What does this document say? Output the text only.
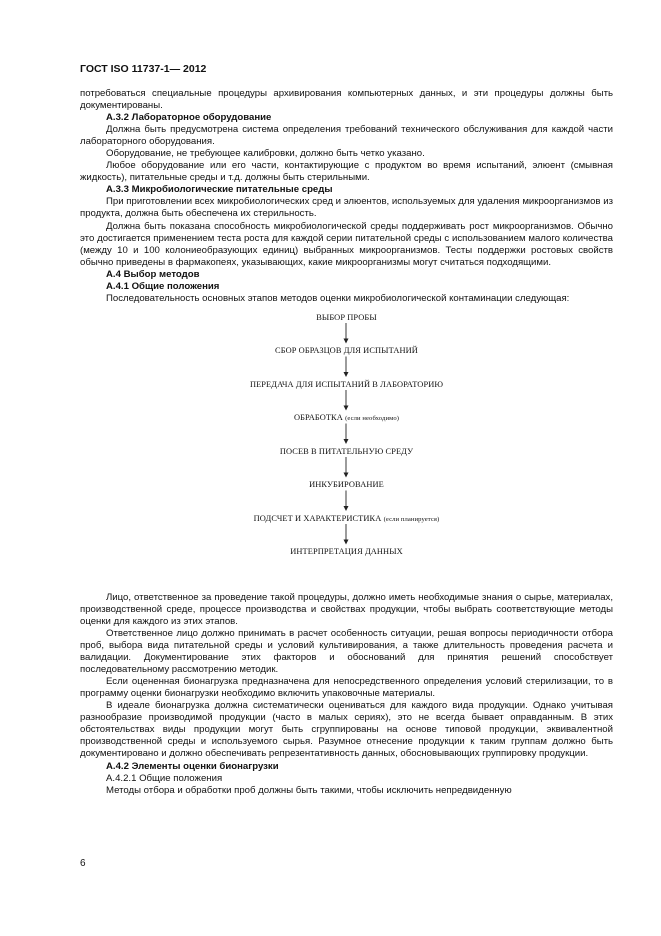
ГОСТ ISO 11737-1— 2012

потребоваться специальные процедуры архивирования компьютерных данных, и эти процедуры должны быть документированы.

А.3.2 Лабораторное оборудование

Должна быть предусмотрена система определения требований технического обслуживания для каждой части лабораторного оборудования.

Оборудование, не требующее калибровки, должно быть четко указано.

Любое оборудование или его части, контактирующие с продуктом во время испытаний, элюент (смывная жидкость), питательные среды и т.д. должны быть стерильными.

А.3.3 Микробиологические питательные среды

При приготовлении всех микробиологических сред и элюентов, используемых для удаления микроорганизмов из продукта, должна быть обеспечена их стерильность.

Должна быть показана способность микробиологической среды поддерживать рост микроорганизмов. Обычно это достигается применением теста роста для каждой серии питательной среды с использованием малого количества (между 10 и 100 колониеобразующих единиц) выбранных микроорганизмов. Тесты поддержки ростовых свойств обычно приведены в фармакопеях, указывающих, какие микроорганизмы могут считаться подходящими.

А.4 Выбор методов

А.4.1 Общие положения

Последовательность основных этапов методов оценки микробиологической контаминации следующая:

ВЫБОР ПРОБЫ
СБОР ОБРАЗЦОВ ДЛЯ ИСПЫТАНИЙ
ПЕРЕДАЧА ДЛЯ ИСПЫТАНИЙ В ЛАБОРАТОРИЮ
ОБРАБОТКА (если необходимо)
ПОСЕВ В ПИТАТЕЛЬНУЮ СРЕДУ
ИНКУБИРОВАНИЕ
ПОДСЧЕТ И ХАРАКТЕРИСТИКА (если планируется)
ИНТЕРПРЕТАЦИЯ ДАННЫХ

Лицо, ответственное за проведение такой процедуры, должно иметь необходимые знания о сырье, материалах, производственной среде, процессе производства и свойствах продукции, чтобы выбрать соответствующие методы оценки для каждого из этих этапов.

Ответственное лицо должно принимать в расчет особенность ситуации, решая вопросы периодичности отбора проб, выбора вида питательной среды и условий культивирования, а также длительность проведения расчета и валидации. Документирование этих факторов и обоснований для принятия решений способствует последовательному рассмотрению методик.

Если оцененная бионагрузка предназначена для непосредственного определения условий стерилизации, то в программу оценки бионагрузки необходимо включить упаковочные материалы.

В идеале бионагрузка должна систематически оцениваться для каждого вида продукции. Однако учитывая разнообразие производимой продукции (часто в малых сериях), это не всегда бывает оправданным. В этих обстоятельствах виды продукции могут быть сгруппированы на основе типовой продукции, эквивалентной производственной среды и используемого сырья. Разумное отнесение продукции к таким группам должно быть документировано и должно обеспечивать репрезентативность данных, обосновывающих группировку продукции.

А.4.2 Элементы оценки бионагрузки

А.4.2.1 Общие положения

Методы отбора и обработки проб должны быть такими, чтобы исключить непредвиденную

6
